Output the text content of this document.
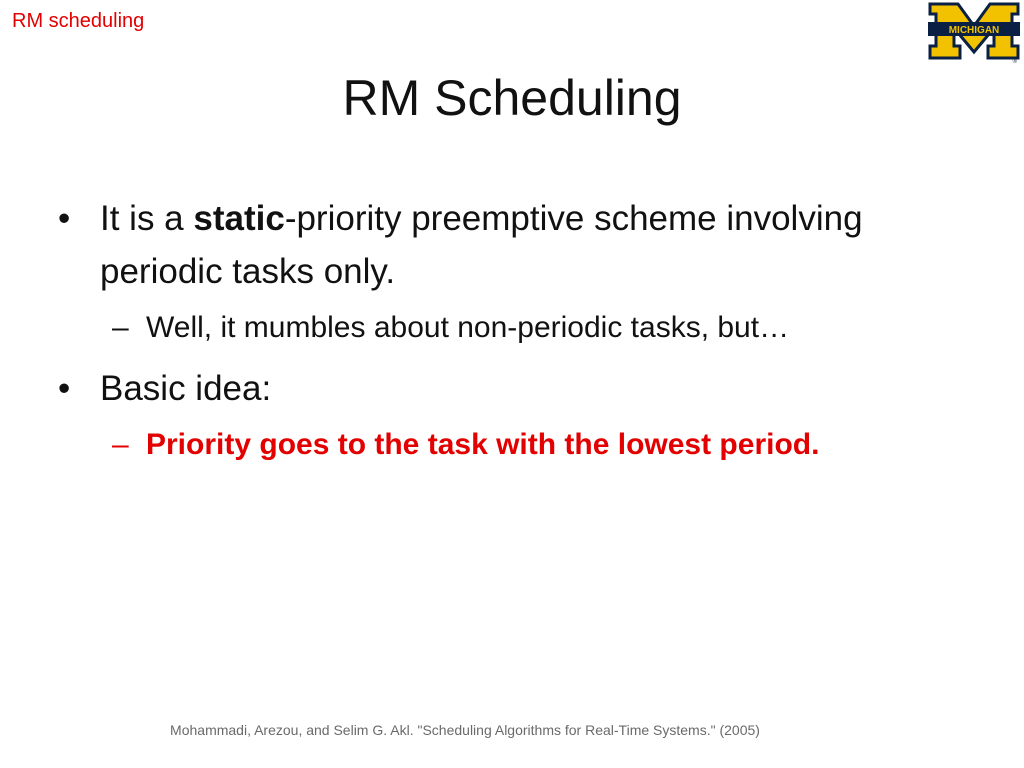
RM scheduling	MICHIGAN
®
RM Scheduling
• It is a static-priority preemptive scheme involving periodic tasks only.
– Well, it mumbles about non-periodic tasks, but…
• Basic idea:
– Priority goes to the task with the lowest period.
Mohammadi, Arezou, and Selim G. Akl. "Scheduling Algorithms for Real-Time Systems." (2005)
